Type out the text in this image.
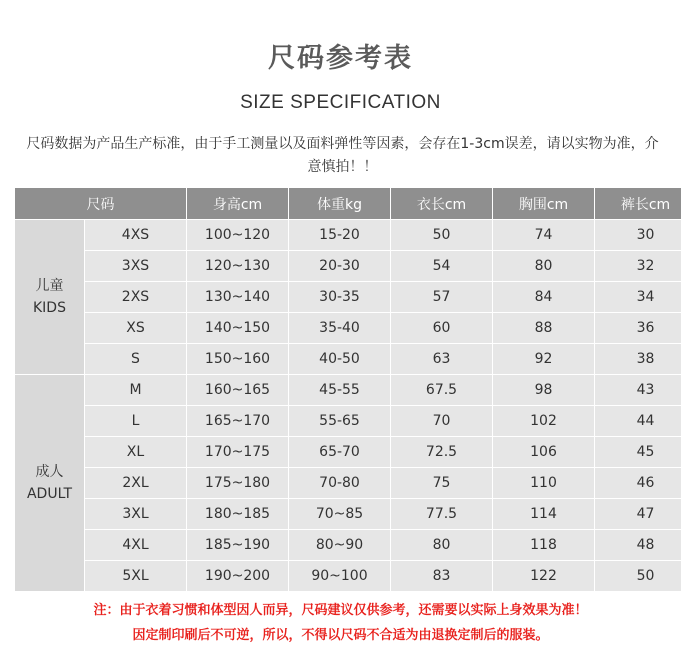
尺码参考表
SIZE SPECIFICATION
尺码数据为产品生产标准，由于手工测量以及面料弹性等因素，会存在1-3cm误差，请以实物为准，介意慎拍！！
尺码		身高cm	体重kg	衣长cm	胸围cm	裤长cm

儿童
KIDS	4XS	100~120	15-20	50	74	30
	3XS	120~130	20-30	54	80	32
	2XS	130~140	30-35	57	84	34
	XS	140~150	35-40	60	88	36
	S	150~160	40-50	63	92	38

成人
ADULT	M	160~165	45-55	67.5	98	43
	L	165~170	55-65	70	102	44
	XL	170~175	65-70	72.5	106	45
	2XL	175~180	70-80	75	110	46
	3XL	180~185	70~85	77.5	114	47
	4XL	185~190	80~90	80	118	48
	5XL	190~200	90~100	83	122	50
注：由于衣着习惯和体型因人而异，尺码建议仅供参考，还需要以实际上身效果为准！
因定制印刷后不可逆，所以，不得以尺码不合适为由退换定制后的服装。
